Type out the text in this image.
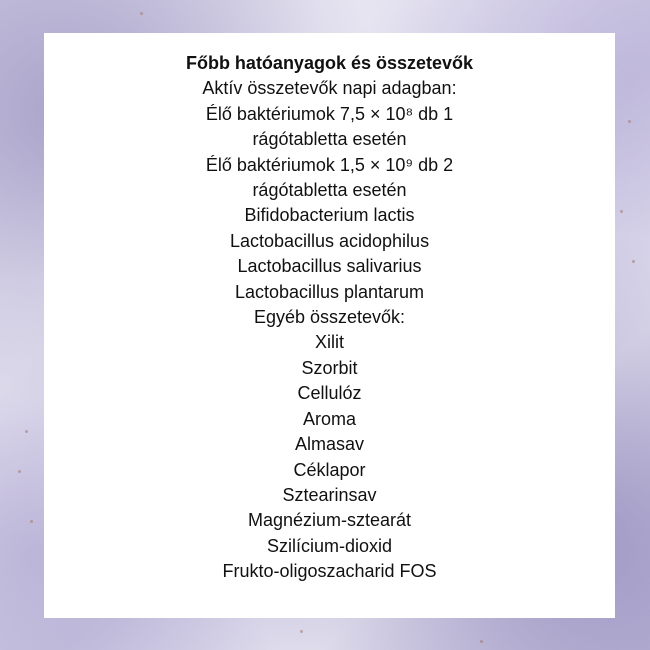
Főbb hatóanyagok és összetevők
Aktív összetevők napi adagban:
Élő baktériumok 7,5 × 10⁸ db 1
rágótabletta esetén
Élő baktériumok 1,5 × 10⁹ db 2
rágótabletta esetén
Bifidobacterium lactis
Lactobacillus acidophilus
Lactobacillus salivarius
Lactobacillus plantarum
Egyéb összetevők:
Xilit
Szorbit
Cellulóz
Aroma
Almasav
Céklapor
Sztearinsav
Magnézium-sztearát
Szilícium-dioxid
Frukto-oligoszacharid FOS
